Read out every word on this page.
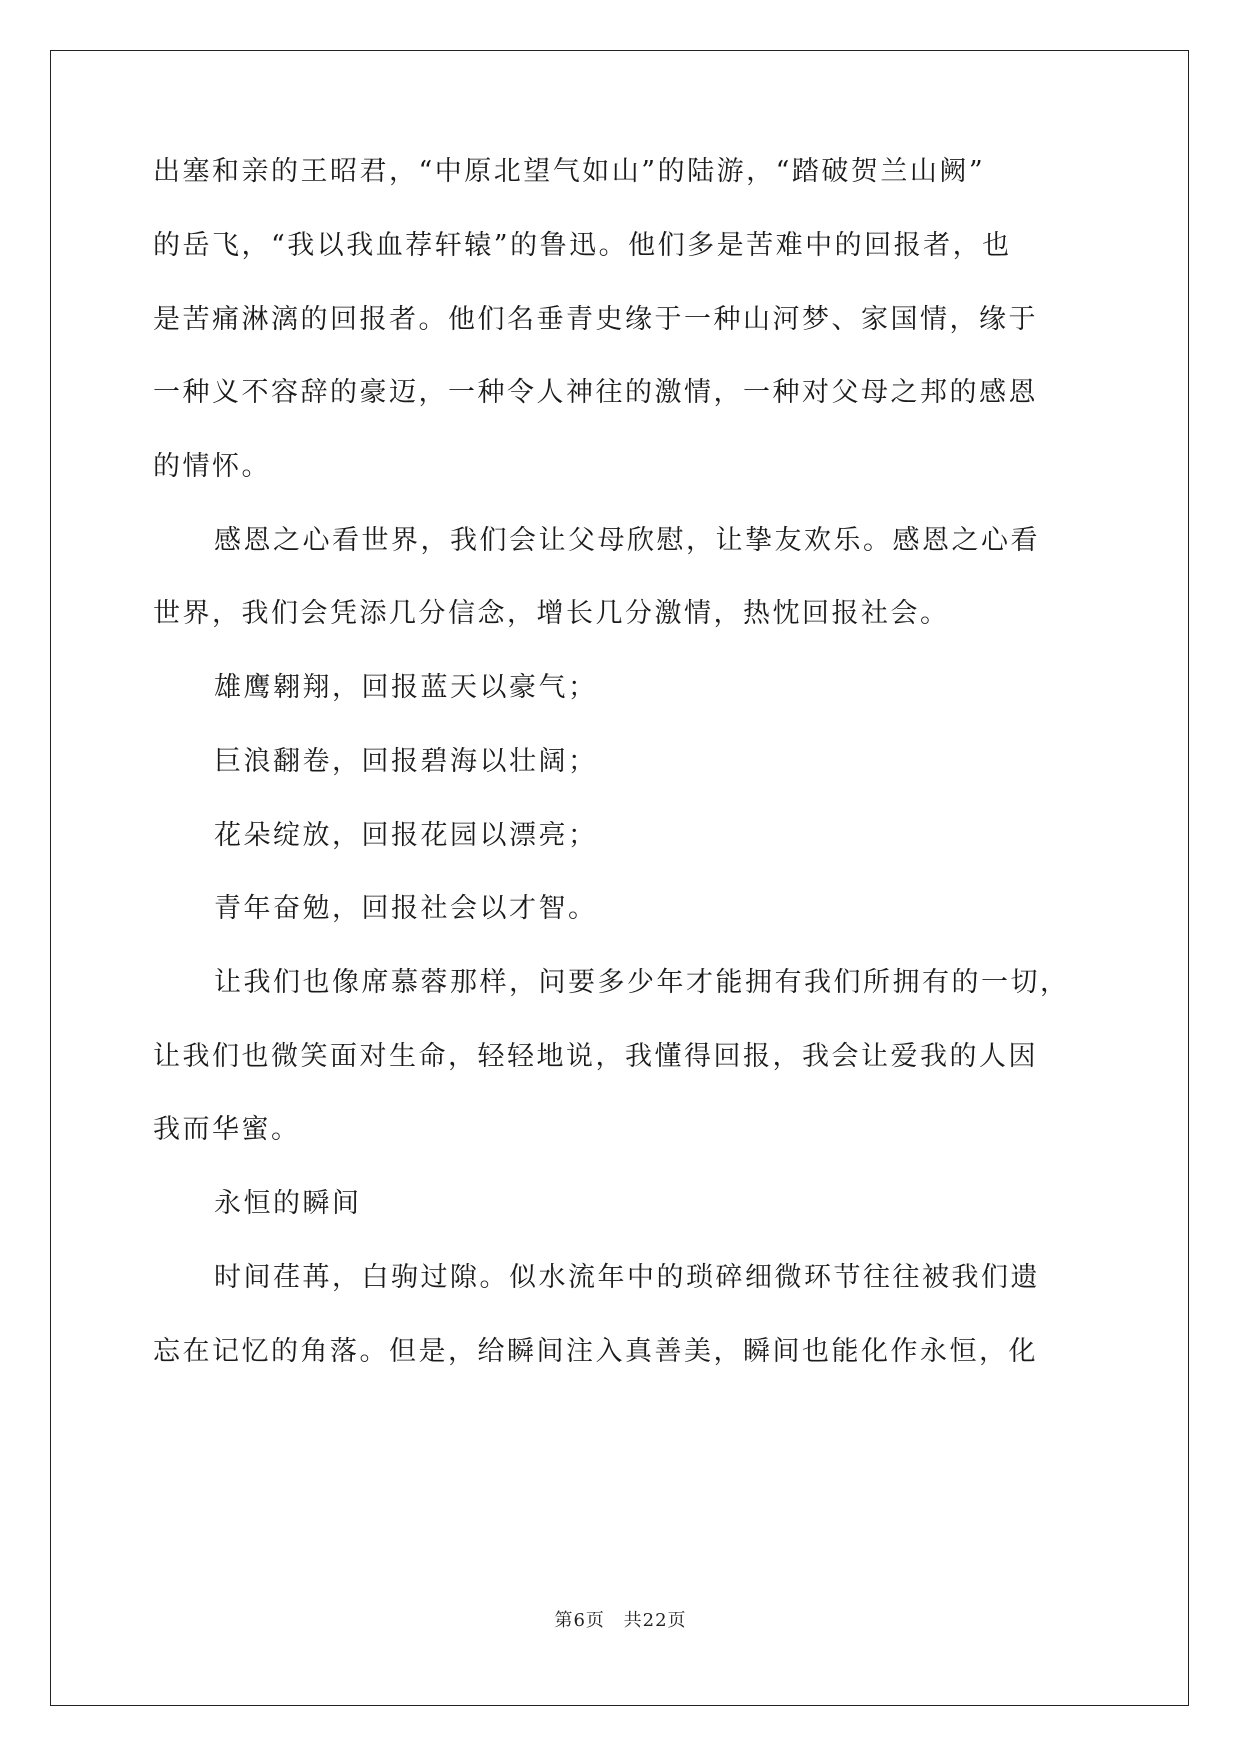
出塞和亲的王昭君，“中原北望气如山”的陆游，“踏破贺兰山阙”
的岳飞，“我以我血荐轩辕”的鲁迅。他们多是苦难中的回报者，也
是苦痛淋漓的回报者。他们名垂青史缘于一种山河梦、家国情，缘于
一种义不容辞的豪迈，一种令人神往的激情，一种对父母之邦的感恩
的情怀。
感恩之心看世界，我们会让父母欣慰，让挚友欢乐。感恩之心看
世界，我们会凭添几分信念，增长几分激情，热忱回报社会。
雄鹰翱翔，回报蓝天以豪气；
巨浪翻卷，回报碧海以壮阔；
花朵绽放，回报花园以漂亮；
青年奋勉，回报社会以才智。
让我们也像席慕蓉那样，问要多少年才能拥有我们所拥有的一切，
让我们也微笑面对生命，轻轻地说，我懂得回报，我会让爱我的人因
我而华蜜。
永恒的瞬间
时间荏苒，白驹过隙。似水流年中的琐碎细微环节往往被我们遗
忘在记忆的角落。但是，给瞬间注入真善美，瞬间也能化作永恒，化
第6页 共22页
